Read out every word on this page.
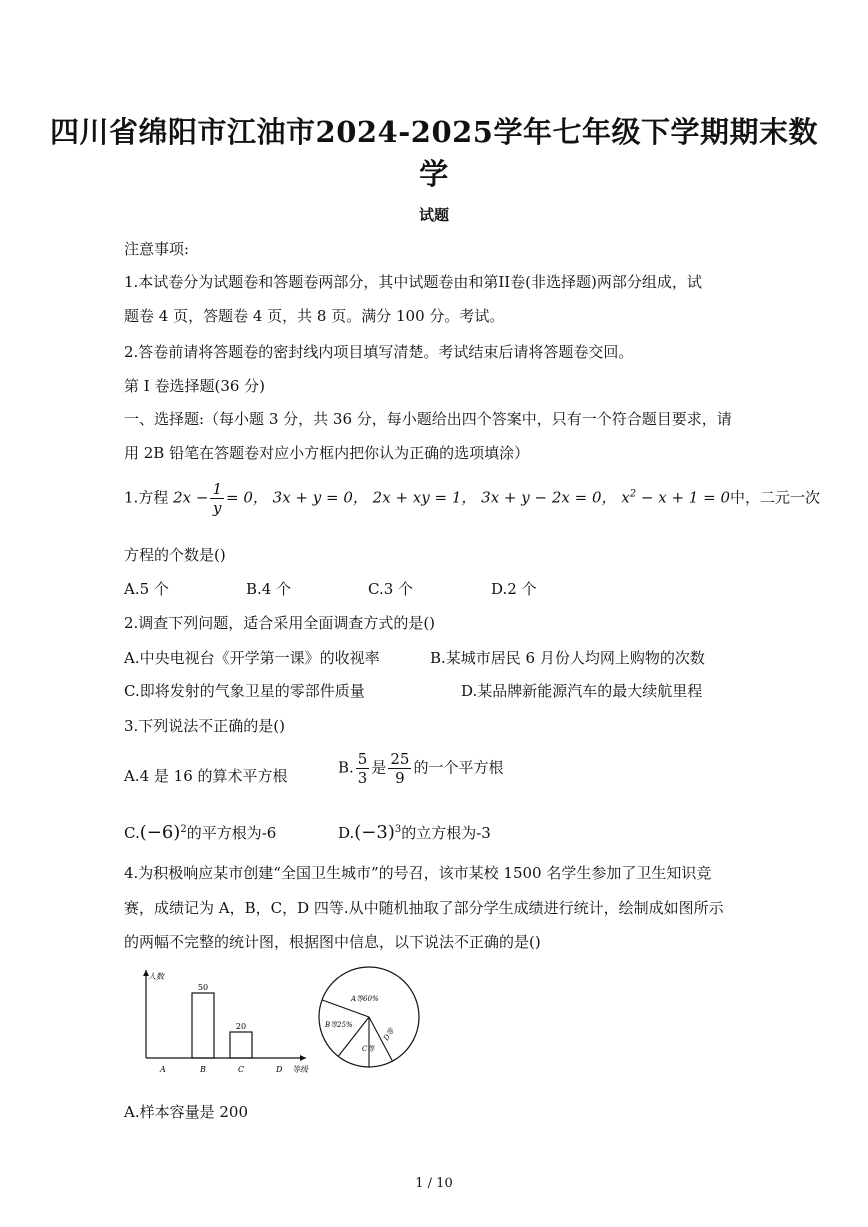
四川省绵阳市江油市2024-2025学年七年级下学期期末数
学
试题
注意事项:
1.本试卷分为试题卷和答题卷两部分，其中试题卷由和第II卷(非选择题)两部分组成，试
题卷 4 页，答题卷 4 页，共 8 页。满分 100 分。考试。
2.答卷前请将答题卷的密封线内项目填写清楚。考试结束后请将答题卷交回。
第 I 卷选择题(36 分)
一、选择题:（每小题 3 分，共 36 分，每小题给出四个答案中，只有一个符合题目要求，请
用 2B 铅笔在答题卷对应小方框内把你认为正确的选项填涂）
1.方程 $2x - \frac{1}{y} = 0$， 3x + y = 0， 2x + xy = 1， 3x + y − 2x = 0， $x^2 - x + 1 = 0$中，二元一次
方程的个数是()
A.5 个	B.4 个	C.3 个	D.2 个
2.调查下列问题，适合采用全面调查方式的是()
A.中央电视台《开学第一课》的收视率	B.某城市居民 6 月份人均网上购物的次数
C.即将发射的气象卫星的零部件质量	D.某品牌新能源汽车的最大续航里程
3.下列说法不正确的是()
A.4 是 16 的算术平方根	B. $\frac{5}{3}$ 是 $\frac{25}{9}$ 的一个平方根
$C.(-6)^2$的平方根为-6	$D.(-3)^3$的立方根为-3
4.为积极响应某市创建“全国卫生城市”的号召，该市某校 1500 名学生参加了卫生知识竞
赛，成绩记为 A，B，C，D 四等.从中随机抽取了部分学生成绩进行统计，绘制成如图所示
的两幅不完整的统计图，根据图中信息，以下说法不正确的是()
人数
等级
A	B
50
C
20
D
A等60%
B等25%
C等
D等
A.样本容量是 200
1 / 10
